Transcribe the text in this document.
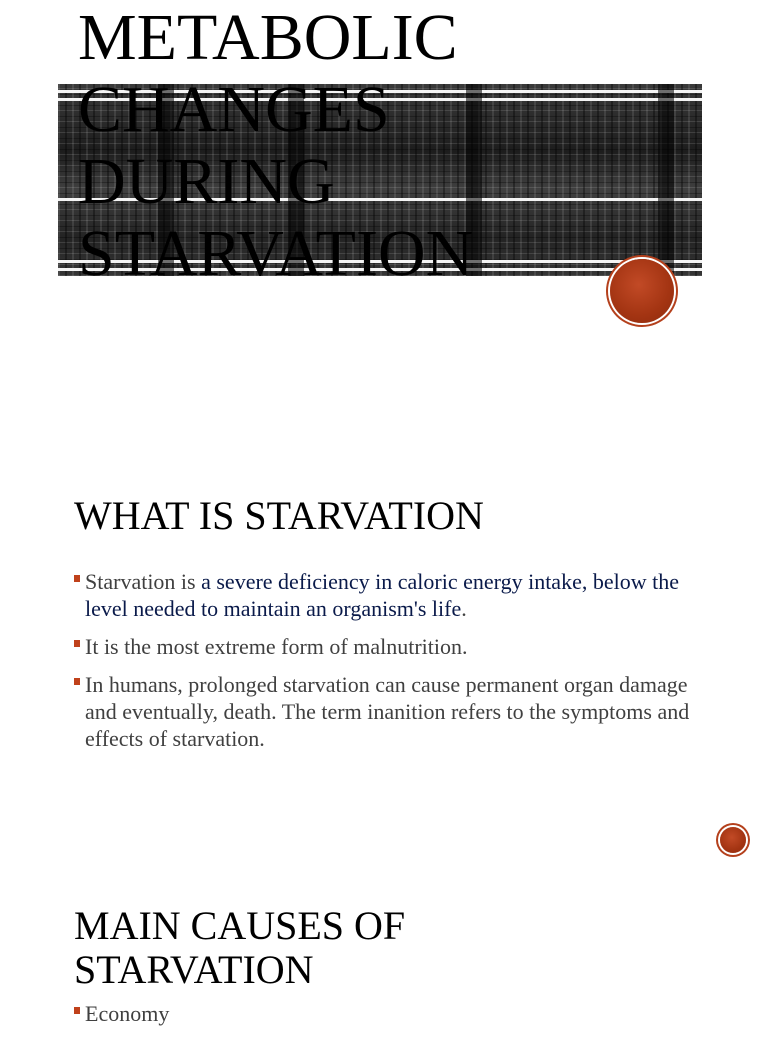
METABOLIC
CHANGES
DURING
STARVATION
WHAT IS STARVATION
Starvation is a severe deficiency in caloric energy intake, below the level needed to maintain an organism's life.
It is the most extreme form of malnutrition.
In humans, prolonged starvation can cause permanent organ damage and eventually, death. The term inanition refers to the symptoms and effects of starvation.
MAIN CAUSES OF
STARVATION
Economy
